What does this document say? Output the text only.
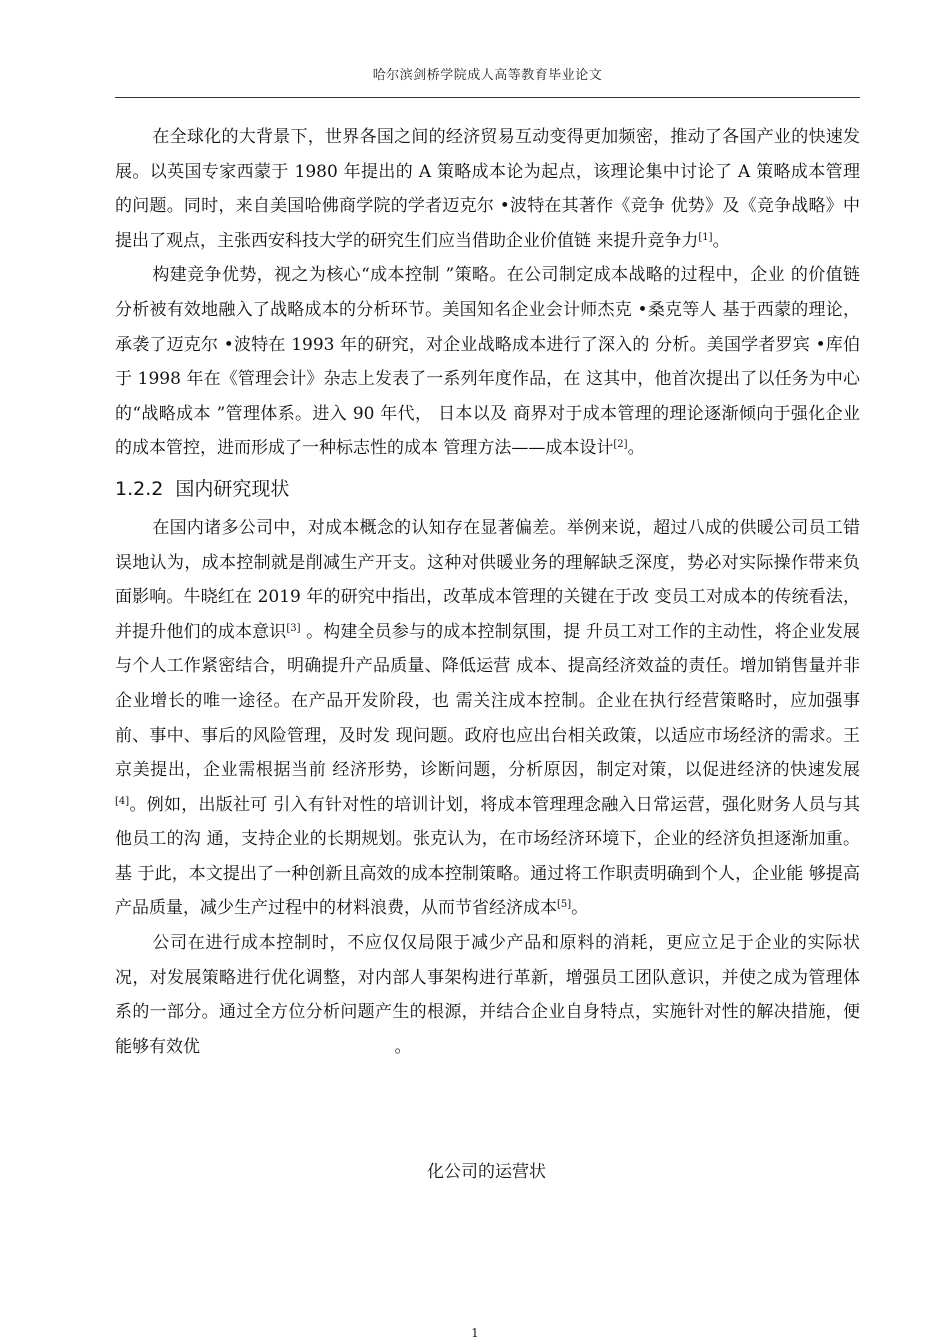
哈尔滨剑桥学院成人高等教育毕业论文

在全球化的大背景下，世界各国之间的经济贸易互动变得更加频密，推动了各国产业的快速发展。以英国专家西蒙于 1980 年提出的 A 策略成本论为起点，该理论集中讨论了 A 策略成本管理的问题。同时，来自美国哈佛商学院的学者迈克尔 •波特在其著作《竞争 优势》及《竞争战略》中提出了观点，主张西安科技大学的研究生们应当借助企业价值链 来提升竞争力[1]。

构建竞争优势，视之为核心“成本控制 ”策略。在公司制定成本战略的过程中，企业 的价值链分析被有效地融入了战略成本的分析环节。美国知名企业会计师杰克 •桑克等人 基于西蒙的理论，承袭了迈克尔 •波特在 1993 年的研究，对企业战略成本进行了深入的 分析。美国学者罗宾 •库伯于 1998 年在《管理会计》杂志上发表了一系列年度作品，在 这其中，他首次提出了以任务为中心的“战略成本 ”管理体系。进入 90 年代， 日本以及 商界对于成本管理的理论逐渐倾向于强化企业的成本管控，进而形成了一种标志性的成本 管理方法——成本设计[2]。

1.2.2 国内研究现状

在国内诸多公司中，对成本概念的认知存在显著偏差。举例来说，超过八成的供暖公司员工错误地认为，成本控制就是削减生产开支。这种对供暖业务的理解缺乏深度，势必对实际操作带来负面影响。牛晓红在 2019 年的研究中指出，改革成本管理的关键在于改 变员工对成本的传统看法，并提升他们的成本意识[3] 。构建全员参与的成本控制氛围，提 升员工对工作的主动性，将企业发展与个人工作紧密结合，明确提升产品质量、降低运营 成本、提高经济效益的责任。增加销售量并非企业增长的唯一途径。在产品开发阶段，也 需关注成本控制。企业在执行经营策略时，应加强事前、事中、事后的风险管理，及时发 现问题。政府也应出台相关政策，以适应市场经济的需求。王京美提出，企业需根据当前 经济形势，诊断问题，分析原因，制定对策，以促进经济的快速发展[4]。例如，出版社可 引入有针对性的培训计划，将成本管理理念融入日常运营，强化财务人员与其他员工的沟 通，支持企业的长期规划。张克认为，在市场经济环境下，企业的经济负担逐渐加重。基 于此，本文提出了一种创新且高效的成本控制策略。通过将工作职责明确到个人，企业能 够提高产品质量，减少生产过程中的材料浪费，从而节省经济成本[5]。

公司在进行成本控制时，不应仅仅局限于减少产品和原料的消耗，更应立足于企业的实际状况，对发展策略进行优化调整，对内部人事架构进行革新，增强员工团队意识，并使之成为管理体系的一部分。通过全方位分析问题产生的根源，并结合企业自身特点，实施针对性的解决措施，便能够有效优                                    。

化公司的运营状
1
